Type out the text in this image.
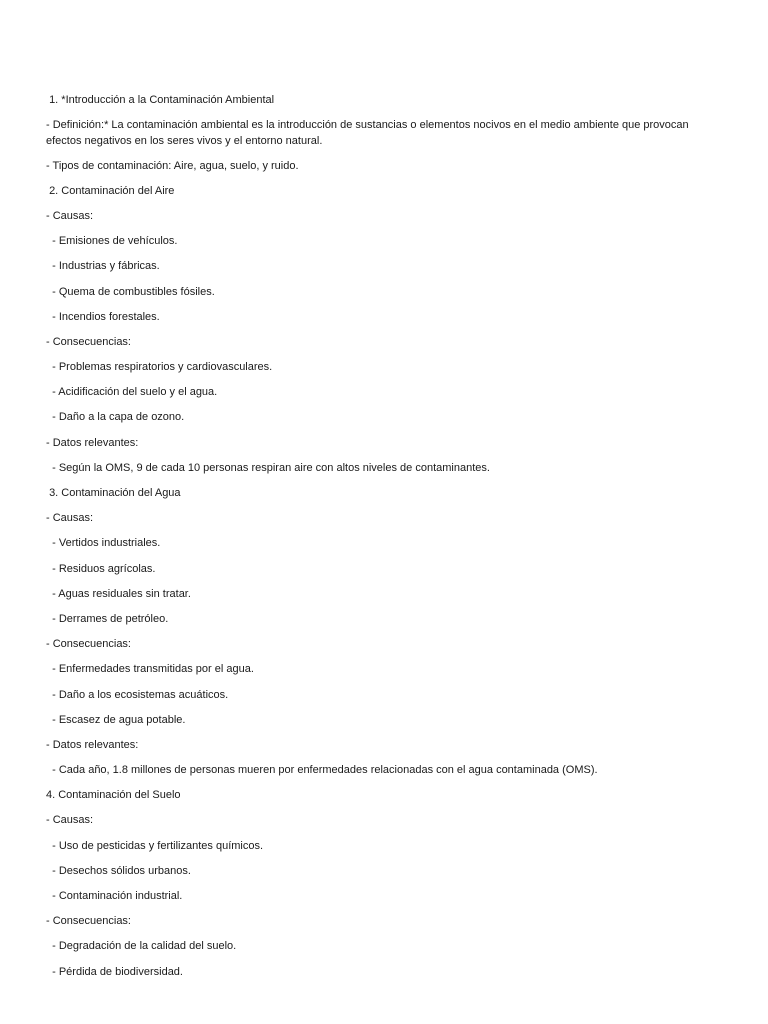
1. *Introducción a la Contaminación Ambiental

- Definición:* La contaminación ambiental es la introducción de sustancias o elementos nocivos en el medio ambiente que provocan efectos negativos en los seres vivos y el entorno natural.

- Tipos de contaminación: Aire, agua, suelo, y ruido.

2. Contaminación del Aire

- Causas:

- Emisiones de vehículos.

- Industrias y fábricas.

- Quema de combustibles fósiles.

- Incendios forestales.

- Consecuencias:

- Problemas respiratorios y cardiovasculares.

- Acidificación del suelo y el agua.

- Daño a la capa de ozono.

- Datos relevantes:

- Según la OMS, 9 de cada 10 personas respiran aire con altos niveles de contaminantes.

3. Contaminación del Agua

- Causas:

- Vertidos industriales.

- Residuos agrícolas.

- Aguas residuales sin tratar.

- Derrames de petróleo.

- Consecuencias:

- Enfermedades transmitidas por el agua.

- Daño a los ecosistemas acuáticos.

- Escasez de agua potable.

- Datos relevantes:

- Cada año, 1.8 millones de personas mueren por enfermedades relacionadas con el agua contaminada (OMS).

4. Contaminación del Suelo

- Causas:

- Uso de pesticidas y fertilizantes químicos.

- Desechos sólidos urbanos.

- Contaminación industrial.

- Consecuencias:

- Degradación de la calidad del suelo.

- Pérdida de biodiversidad.
